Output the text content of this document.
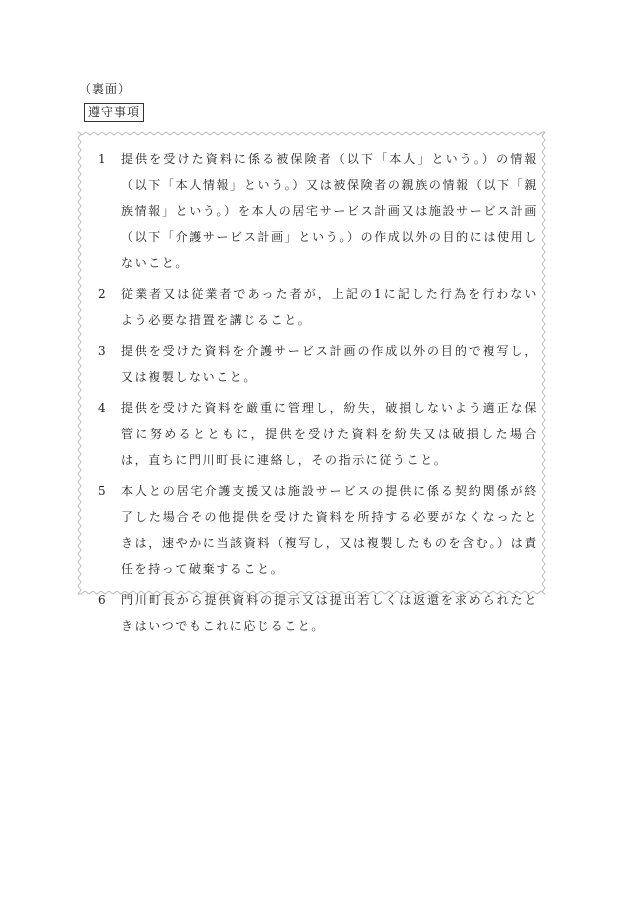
（裏面）
遵守事項
1	提供を受けた資料に係る被保険者（以下「本人」という。）の情報（以下「本人情報」という。）又は被保険者の親族の情報（以下「親族情報」という。）を本人の居宅サービス計画又は施設サービス計画（以下「介護サービス計画」という。）の作成以外の目的には使用しないこと。
2	従業者又は従業者であった者が，上記の1に記した行為を行わないよう必要な措置を講じること。
3	提供を受けた資料を介護サービス計画の作成以外の目的で複写し，又は複製しないこと。
4	提供を受けた資料を厳重に管理し，紛失，破損しないよう適正な保管に努めるとともに，提供を受けた資料を紛失又は破損した場合は，直ちに門川町長に連絡し，その指示に従うこと。
5	本人との居宅介護支援又は施設サービスの提供に係る契約関係が終了した場合その他提供を受けた資料を所持する必要がなくなったときは，速やかに当該資料（複写し，又は複製したものを含む。）は責任を持って破棄すること。
6	門川町長から提供資料の提示又は提出若しくは返還を求められたときはいつでもこれに応じること。
